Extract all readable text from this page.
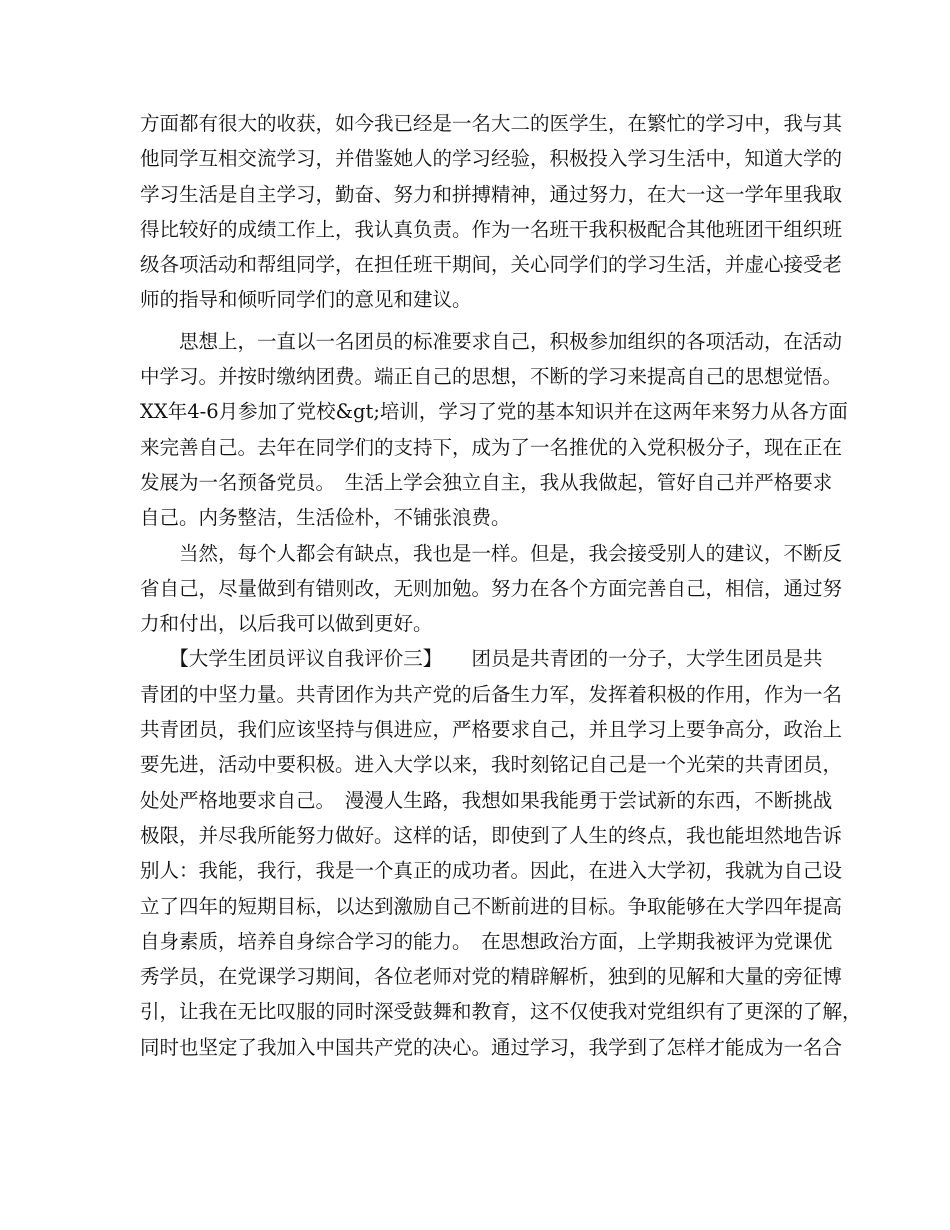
方面都有很大的收获，如今我已经是一名大二的医学生，在繁忙的学习中，我与其
他同学互相交流学习，并借鉴她人的学习经验，积极投入学习生活中，知道大学的
学习生活是自主学习，勤奋、努力和拼搏精神，通过努力，在大一这一学年里我取
得比较好的成绩工作上，我认真负责。作为一名班干我积极配合其他班团干组织班
级各项活动和帮组同学，在担任班干期间，关心同学们的学习生活，并虚心接受老
师的指导和倾听同学们的意见和建议。
　　思想上，一直以一名团员的标准要求自己，积极参加组织的各项活动，在活动
中学习。并按时缴纳团费。端正自己的思想，不断的学习来提高自己的思想觉悟。
XX年4-6月参加了党校&gt;培训，学习了党的基本知识并在这两年来努力从各方面
来完善自己。去年在同学们的支持下，成为了一名推优的入党积极分子，现在正在
发展为一名预备党员。　生活上学会独立自主，我从我做起，管好自己并严格要求
自己。内务整洁，生活俭朴，不铺张浪费。
　　当然，每个人都会有缺点，我也是一样。但是，我会接受别人的建议，不断反
省自己，尽量做到有错则改，无则加勉。努力在各个方面完善自己，相信，通过努
力和付出，以后我可以做到更好。
　　【大学生团员评议自我评价三】　　团员是共青团的一分子，大学生团员是共
青团的中坚力量。共青团作为共产党的后备生力军，发挥着积极的作用，作为一名
共青团员，我们应该坚持与俱进应，严格要求自己，并且学习上要争高分，政治上
要先进，活动中要积极。进入大学以来，我时刻铭记自己是一个光荣的共青团员，
处处严格地要求自己。　漫漫人生路，我想如果我能勇于尝试新的东西，不断挑战
极限，并尽我所能努力做好。这样的话，即使到了人生的终点，我也能坦然地告诉
别人：我能，我行，我是一个真正的成功者。因此，在进入大学初，我就为自己设
立了四年的短期目标，以达到激励自己不断前进的目标。争取能够在大学四年提高
自身素质，培养自身综合学习的能力。　在思想政治方面，上学期我被评为党课优
秀学员，在党课学习期间，各位老师对党的精辟解析，独到的见解和大量的旁征博
引，让我在无比叹服的同时深受鼓舞和教育，这不仅使我对党组织有了更深的了解，
同时也坚定了我加入中国共产党的决心。通过学习，我学到了怎样才能成为一名合
